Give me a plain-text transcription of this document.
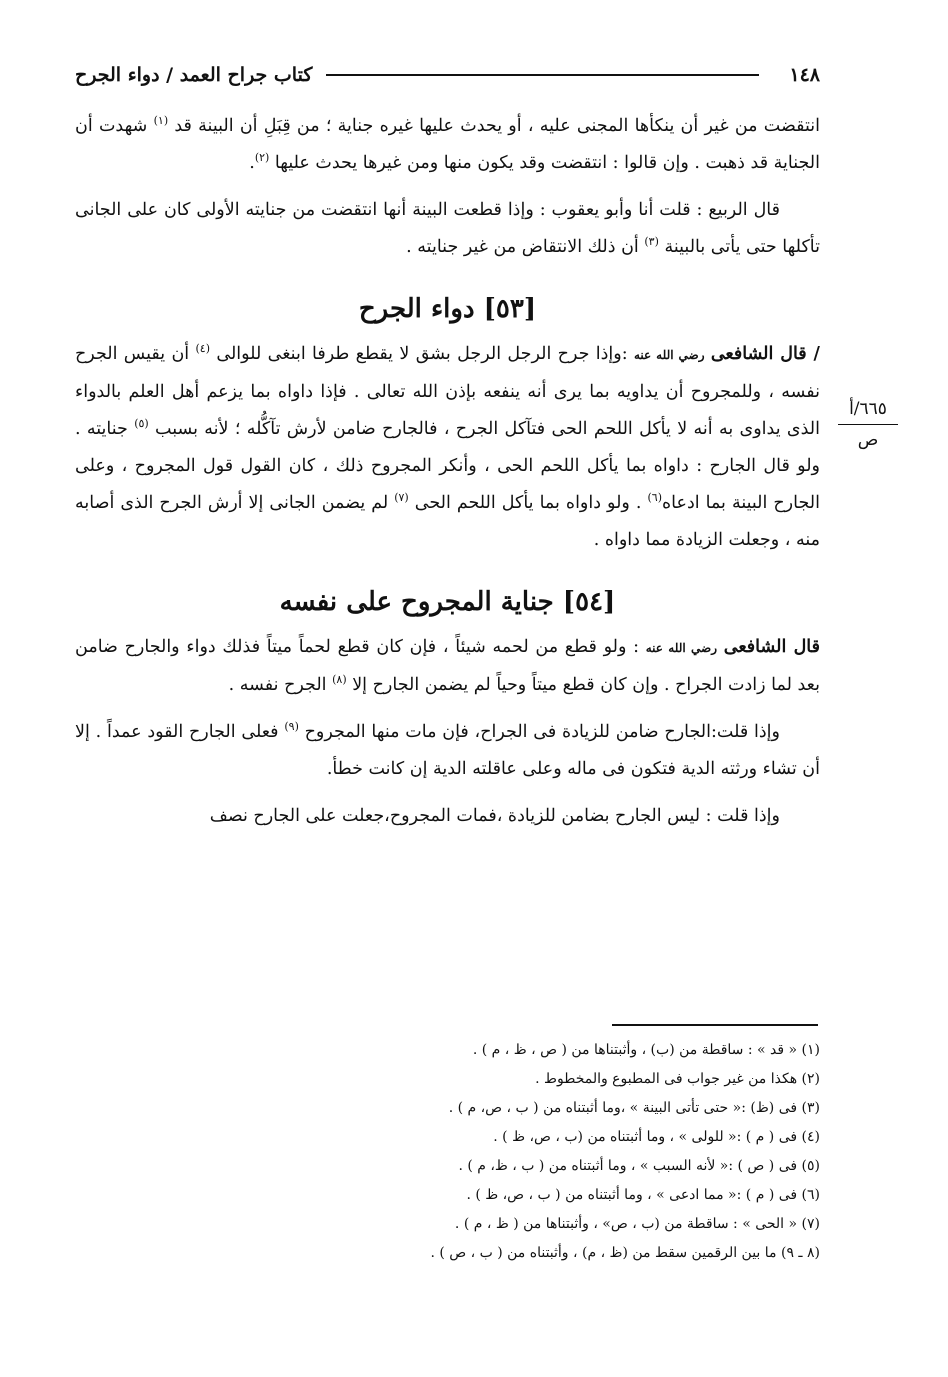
١٤٨
كتاب جراح العمد / دواء الجرح
٦٦٥/أ
ص

انتقضت من غير أن ينكأها المجنى عليه ، أو يحدث عليها غيره جناية ؛ من قِبَلِ أن البينة قد $^{(١)}$ شهدت أن الجناية قد ذهبت . وإن قالوا : انتقضت وقد يكون منها ومن غيرها يحدث عليها $^{(٢)}$.

قال الربيع : قلت أنا وأبو يعقوب : وإذا قطعت البينة أنها انتقضت من جنايته الأولى كان على الجانى تأكلها حتى يأتى بالبينة $^{(٣)}$ أن ذلك الانتقاض من غير جنايته .

[٥٣] دواء الجرح

/ قال الشافعى رضي الله عنه :وإذا جرح الرجل الرجل بشق لا يقطع طرفا ابنغى للوالى $^{(٤)}$ أن يقيس الجرح نفسه ، وللمجروح أن يداويه بما يرى أنه ينفعه بإذن الله تعالى . فإذا داواه بما يزعم أهل العلم بالدواء الذى يداوى به أنه لا يأكل اللحم الحى فتآكل الجرح ، فالجارح ضامن لأرش تآكُّله ؛ لأنه بسبب $^{(٥)}$ جنايته . ولو قال الجارح : داواه بما يأكل اللحم الحى ، وأنكر المجروح ذلك ، كان القول قول المجروح ، وعلى الجارح البينة بما ادعاه$^{(٦)}$ . ولو داواه بما يأكل اللحم الحى $^{(٧)}$ لم يضمن الجانى إلا أرش الجرح الذى أصابه منه ، وجعلت الزيادة مما داواه .

[٥٤] جناية المجروح على نفسه

قال الشافعى رضي الله عنه : ولو قطع من لحمه شيئاً ، فإن كان قطع لحماً ميتاً فذلك دواء والجارح ضامن بعد لما زادت الجراح . وإن كان قطع ميتاً وحياً لم يضمن الجارح إلا $^{(٨)}$ الجرح نفسه .

وإذا قلت:الجارح ضامن للزيادة فى الجراح، فإن مات منها المجروح $^{(٩)}$ فعلى الجارح القود عمداً . إلا أن تشاء ورثته الدية فتكون فى ماله وعلى عاقلته الدية إن كانت خطأ.

وإذا قلت : ليس الجارح بضامن للزيادة ،فمات المجروح،جعلت على الجارح نصف

(١) « قد » : ساقطة من (ب) ، وأثبتناها من ( ص ، ظ ، م ) .
(٢) هكذا من غير جواب فى المطبوع والمخطوط .
(٣) فى (ظ) :« حتى تأتى البينة » ،وما أثبتناه من ( ب ، ص، م ) .
(٤) فى ( م ) :« للولى » ، وما أثبتناه من (ب ، ص، ظ ) .
(٥) فى ( ص ) :« لأنه السبب » ، وما أثبتناه من ( ب ، ظ، م ) .
(٦) فى ( م ) :« مما ادعى » ، وما أثبتناه من ( ب ، ص، ظ ) .
(٧) « الحى » : ساقطة من (ب ، ص» ، وأثبتناها من ( ظ ، م ) .
(٨ ـ ٩) ما بين الرقمين سقط من (ظ ، م) ، وأثبتناه من ( ب ، ص ) .
